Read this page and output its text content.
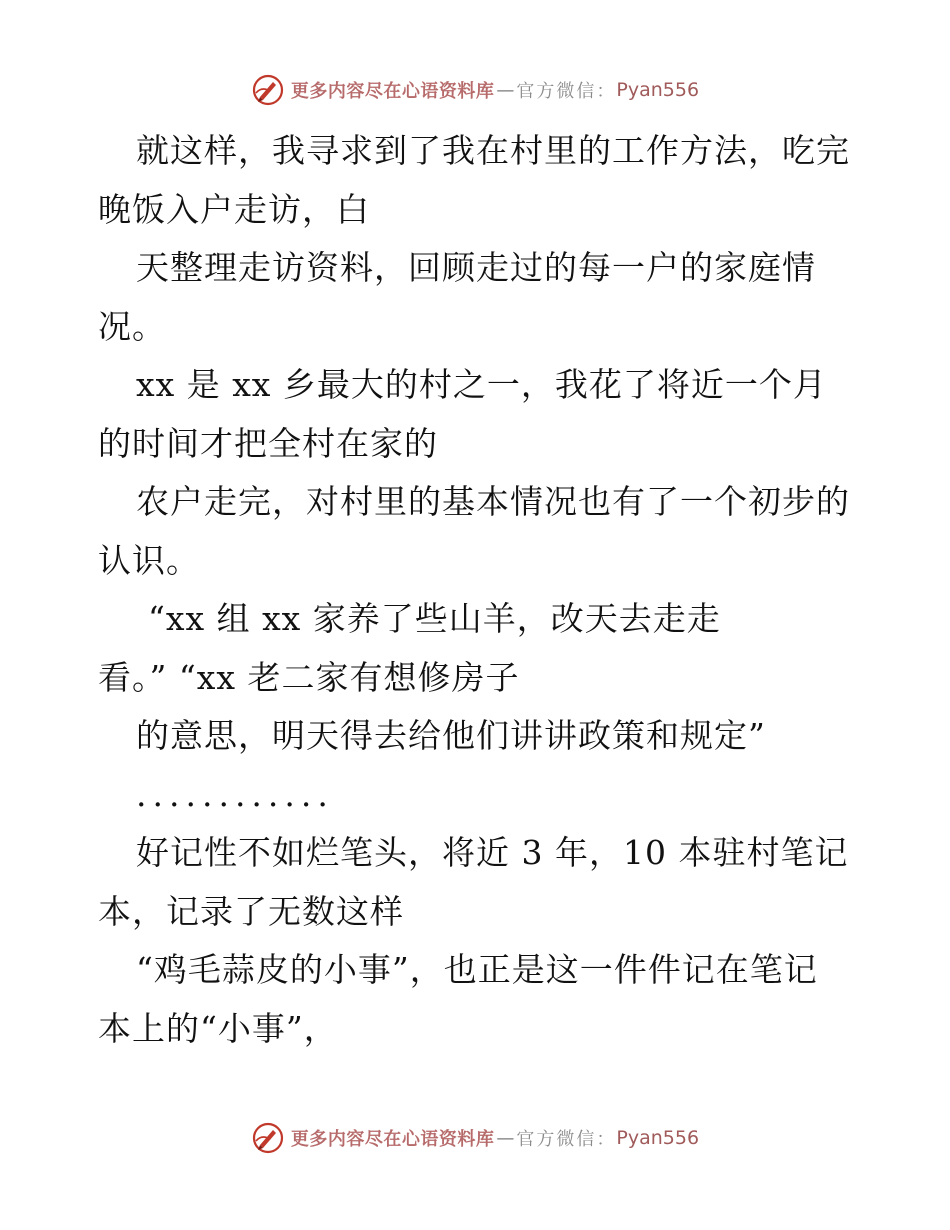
更多内容尽在心语资料库 — 官方微信： Pyan556
就这样，我寻求到了我在村里的工作方法，吃完
晚饭入户走访，白
天整理走访资料，回顾走过的每一户的家庭情
况。
xx 是 xx 乡最大的村之一，我花了将近一个月
的时间才把全村在家的
农户走完，对村里的基本情况也有了一个初步的
认识。
“xx 组 xx 家养了些山羊，改天去走走
看。” “xx 老二家有想修房子
的意思，明天得去给他们讲讲政策和规定”
............
好记性不如烂笔头，将近 3 年，10 本驻村笔记
本，记录了无数这样
“鸡毛蒜皮的小事”，也正是这一件件记在笔记
本上的“小事”，
更多内容尽在心语资料库 — 官方微信： Pyan556
